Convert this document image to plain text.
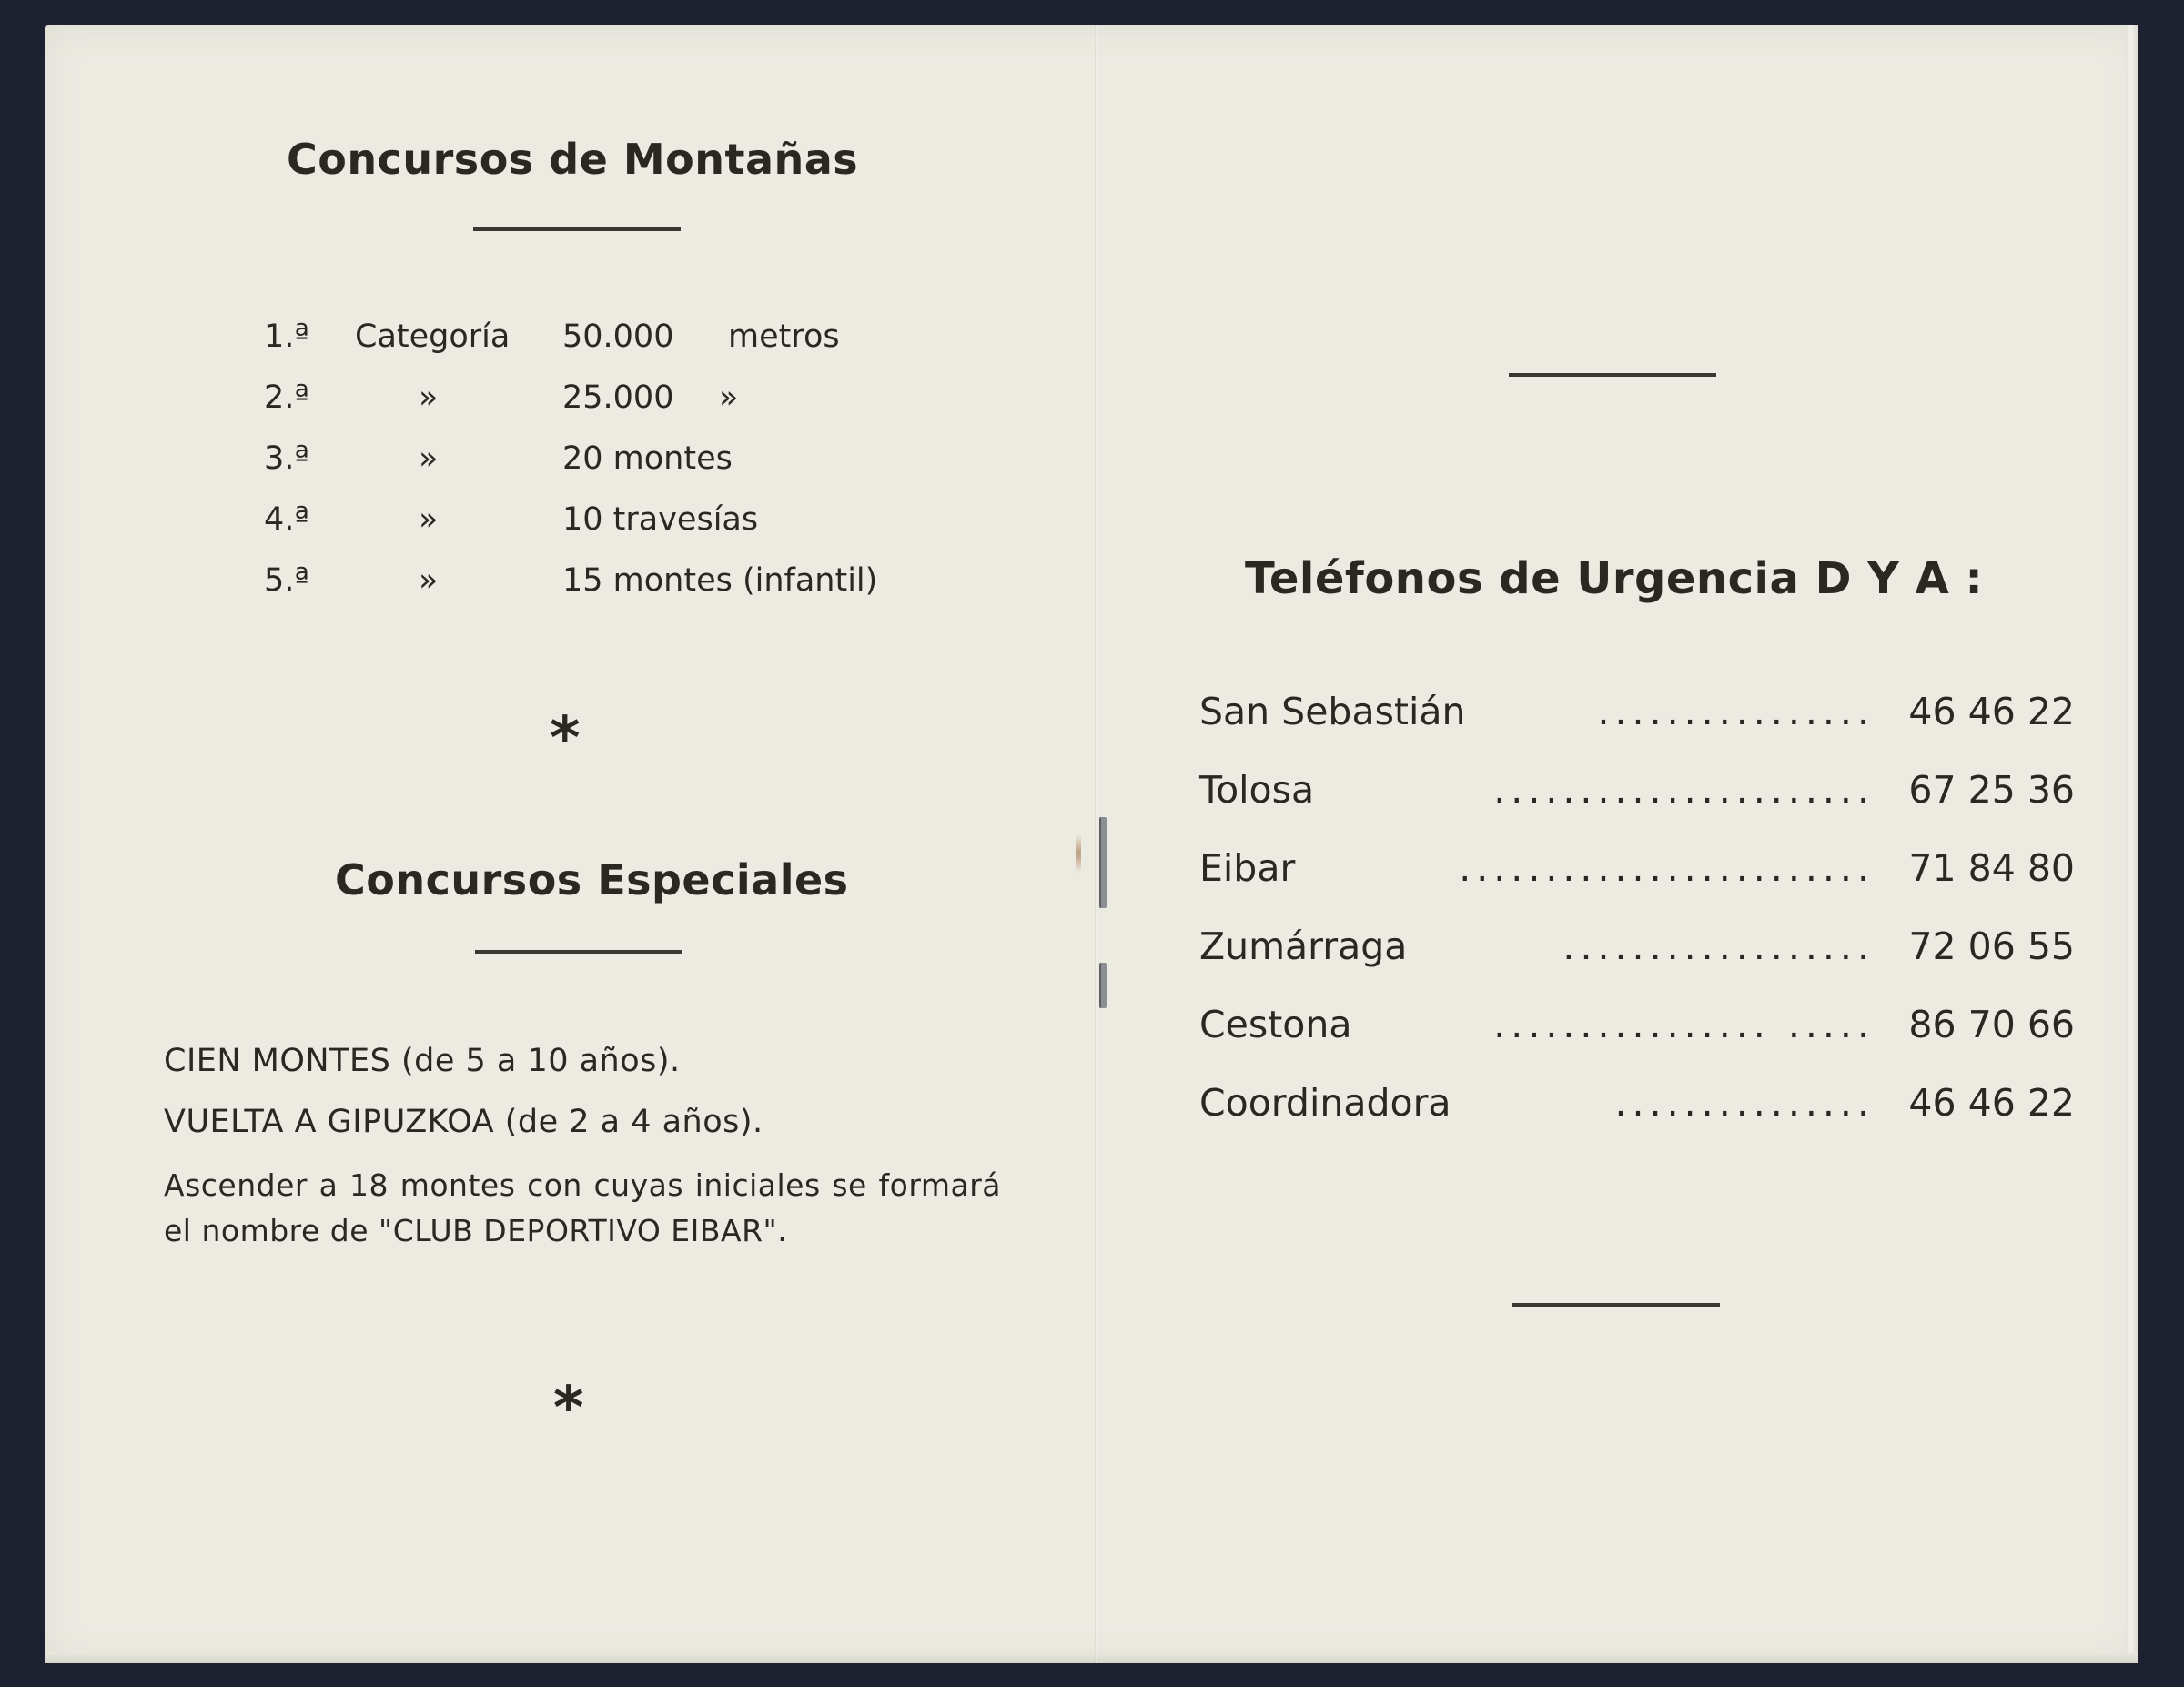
Concursos de Montañas
1.ª Categoría 50.000 metros
2.ª	»	25.000 »
3.ª	»	20 montes
4.ª	»	10 travesías
5.ª	»	15 montes (infantil)
*
Concursos Especiales
CIEN MONTES (de 5 a 10 años).
VUELTA A GIPUZKOA (de 2 a 4 años).
Ascender a 18 montes con cuyas iniciales se formará el nombre de "CLUB DEPORTIVO EIBAR".
*
Teléfonos de Urgencia D Y A :
San Sebastián	................ 46 46 22
Tolosa	...................... 67 25 36
Eibar	........................ 71 84 80
Zumárraga	.................. 72 06 55
Cestona	................ ..... 86 70 66
Coordinadora	............... 46 46 22
